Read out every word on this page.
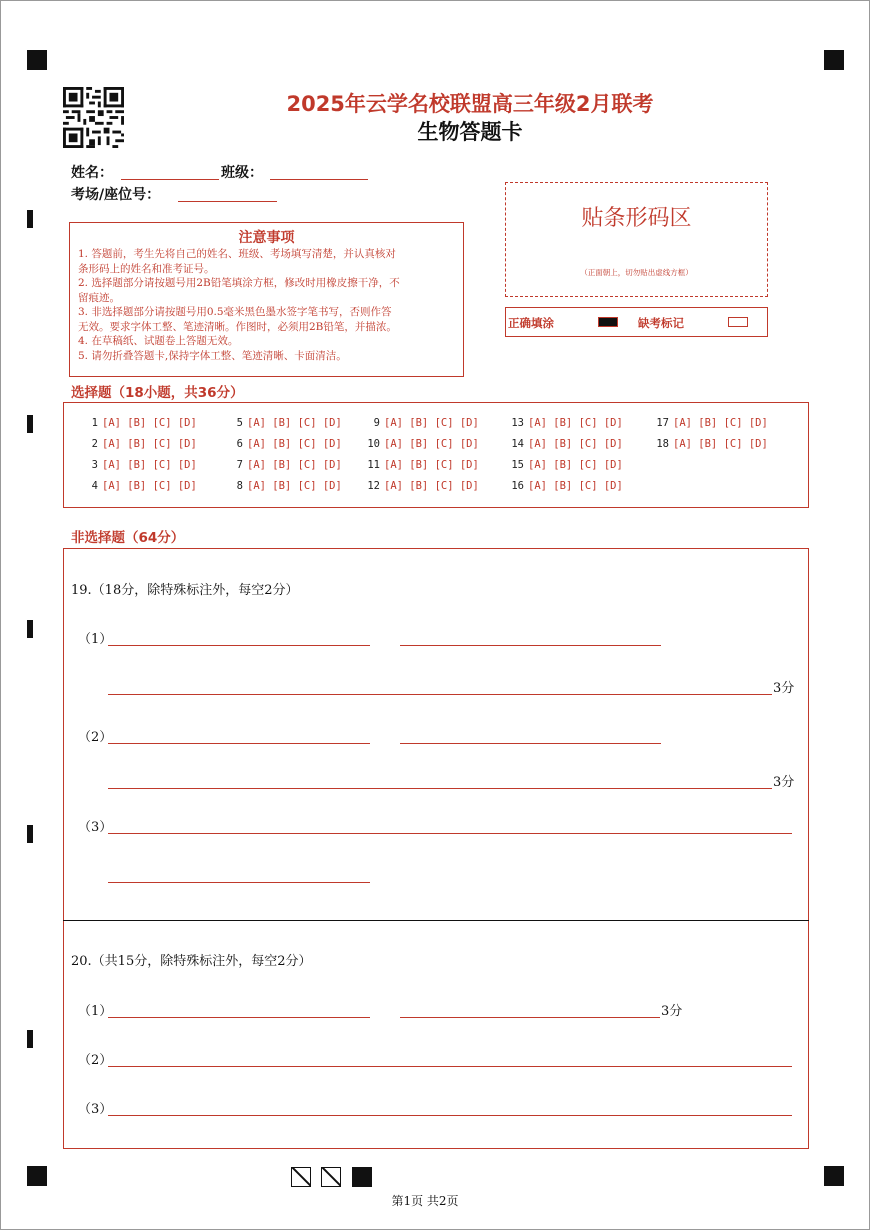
2025年云学名校联盟高三年级2月联考
生物答题卡
姓名：	班级：
考场/座位号：
注意事项
1. 答题前，考生先将自己的姓名、班级、考场填写清楚，并认真核对
条形码上的姓名和准考证号。
2. 选择题部分请按题号用2B铅笔填涂方框，修改时用橡皮擦干净，不
留痕迹。
3. 非选择题部分请按题号用0.5毫米黑色墨水签字笔书写，否则作答
无效。要求字体工整、笔迹清晰。作图时，必须用2B铅笔，并描浓。
4. 在草稿纸、试题卷上答题无效。
5. 请勿折叠答题卡,保持字体工整、笔迹清晰、卡面清洁。
贴条形码区
（正面朝上，切勿贴出虚线方框）
正确填涂	缺考标记
选择题（18小题，共36分）
1 [A] [B] [C] [D]
2 [A] [B] [C] [D]
3 [A] [B] [C] [D]
4 [A] [B] [C] [D]
5 [A] [B] [C] [D]
6 [A] [B] [C] [D]
7 [A] [B] [C] [D]
8 [A] [B] [C] [D]
9 [A] [B] [C] [D]
10 [A] [B] [C] [D]
11 [A] [B] [C] [D]
12 [A] [B] [C] [D]
13 [A] [B] [C] [D]
14 [A] [B] [C] [D]
15 [A] [B] [C] [D]
16 [A] [B] [C] [D]
17 [A] [B] [C] [D]
18 [A] [B] [C] [D]
非选择题（64分）
19.（18分，除特殊标注外，每空2分）
（1）
3分
（2）
3分
（3）
20.（共15分，除特殊标注外，每空2分）
（1）	3分
（2）
（3）
第1页 共2页
